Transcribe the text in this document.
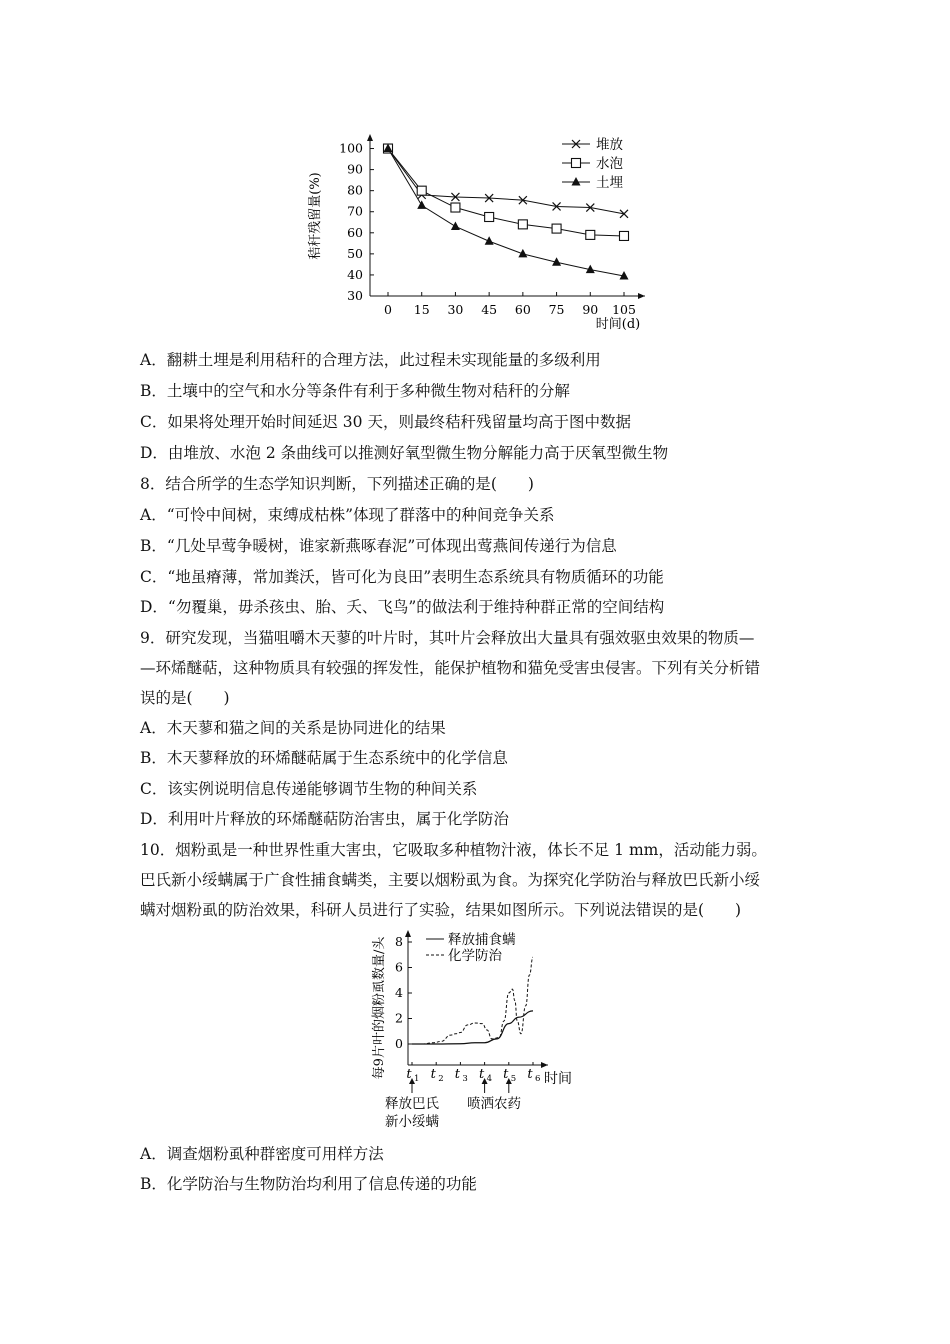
30
40
50
60
70
80
90
100
0 15 30 45 60 75 90 105
堆放
水泡
土埋
秸秆残留量(%)
时间(d)
A．翻耕土埋是利用秸秆的合理方法，此过程未实现能量的多级利用
B．土壤中的空气和水分等条件有利于多种微生物对秸秆的分解
C．如果将处理开始时间延迟 30 天，则最终秸秆残留量均高于图中数据
D．由堆放、水泡 2 条曲线可以推测好氧型微生物分解能力高于厌氧型微生物
8．结合所学的生态学知识判断，下列描述正确的是(　　)
A．“可怜中间树，束缚成枯株”体现了群落中的种间竞争关系
B．“几处早莺争暖树，谁家新燕啄春泥”可体现出莺燕间传递行为信息
C．“地虽瘠薄，常加粪沃，皆可化为良田”表明生态系统具有物质循环的功能
D．“勿覆巢，毋杀孩虫、胎、夭、飞鸟”的做法利于维持种群正常的空间结构
9．研究发现，当猫咀嚼木天蓼的叶片时，其叶片会释放出大量具有强效驱虫效果的物质—
—环烯醚萜，这种物质具有较强的挥发性，能保护植物和猫免受害虫侵害。下列有关分析错
误的是(　　)
A．木天蓼和猫之间的关系是协同进化的结果
B．木天蓼释放的环烯醚萜属于生态系统中的化学信息
C．该实例说明信息传递能够调节生物的种间关系
D．利用叶片释放的环烯醚萜防治害虫，属于化学防治
10．烟粉虱是一种世界性重大害虫，它吸取多种植物汁液，体长不足 1 mm，活动能力弱。
巴氏新小绥螨属于广食性捕食螨类，主要以烟粉虱为食。为探究化学防治与释放巴氏新小绥
螨对烟粉虱的防治效果，科研人员进行了实验，结果如图所示。下列说法错误的是(　　)
0
2
4
6
8
t 1 t 2 t 3 t 4 t 5 t 6
释放捕食螨
化学防治
每9片叶的烟粉虱数量/头	时间
释放巴氏
新小绥螨
喷洒农药
A．调查烟粉虱种群密度可用样方法
B．化学防治与生物防治均利用了信息传递的功能
